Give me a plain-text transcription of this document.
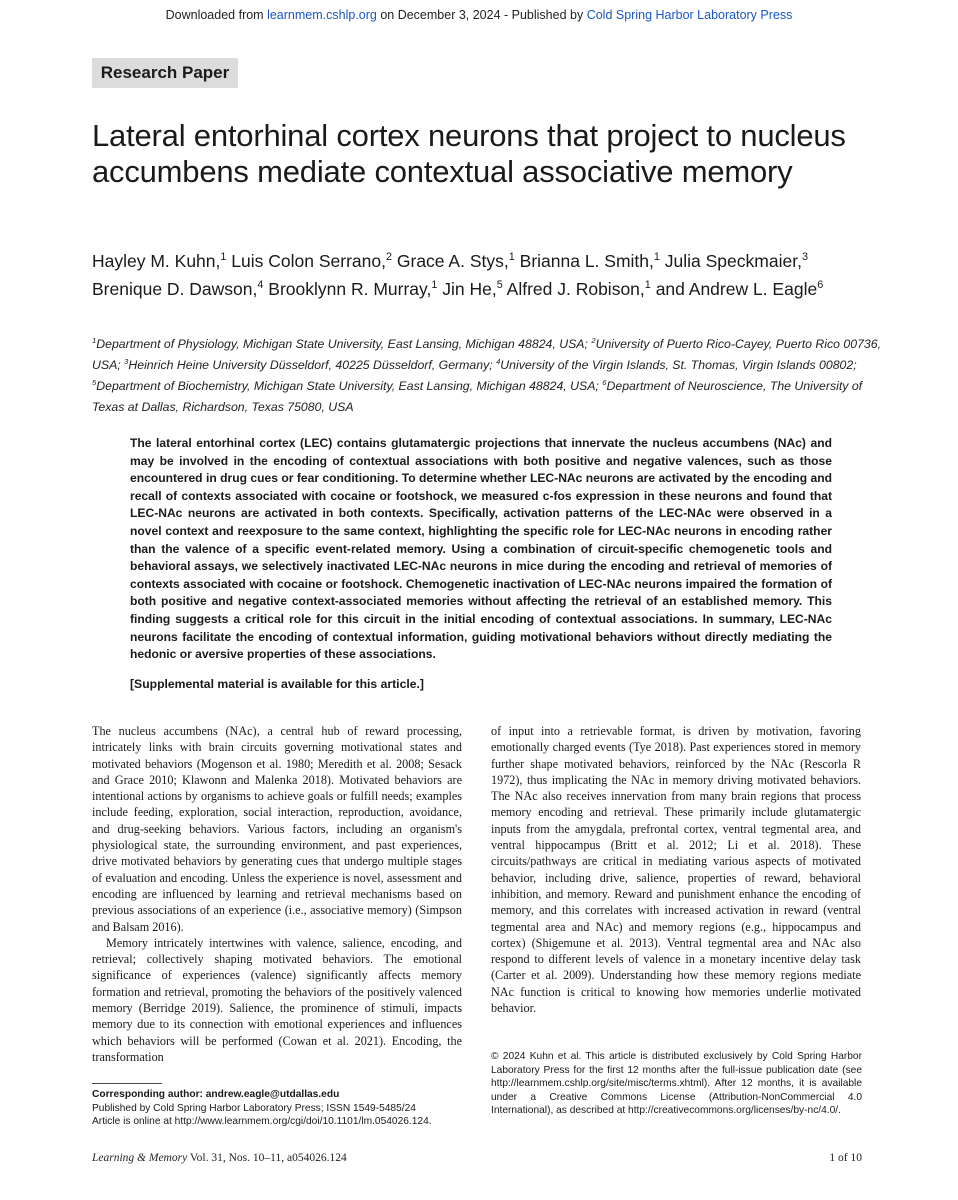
Downloaded from learnmem.cshlp.org on December 3, 2024 - Published by Cold Spring Harbor Laboratory Press
Research Paper
Lateral entorhinal cortex neurons that project to nucleus accumbens mediate contextual associative memory
Hayley M. Kuhn,$^1$ Luis Colon Serrano,$^2$ Grace A. Stys,$^1$ Brianna L. Smith,$^1$ Julia Speckmaier,$^3$ Brenique D. Dawson,$^4$ Brooklynn R. Murray,$^1$ Jin He,$^5$ Alfred J. Robison,$^1$ and Andrew L. Eagle$^6$
$^1$Department of Physiology, Michigan State University, East Lansing, Michigan 48824, USA; $^2$University of Puerto Rico-Cayey, Puerto Rico 00736, USA; $^3$Heinrich Heine University Düsseldorf, 40225 Düsseldorf, Germany; $^4$University of the Virgin Islands, St. Thomas, Virgin Islands 00802; $^5$Department of Biochemistry, Michigan State University, East Lansing, Michigan 48824, USA; $^6$Department of Neuroscience, The University of Texas at Dallas, Richardson, Texas 75080, USA

The lateral entorhinal cortex (LEC) contains glutamatergic projections that innervate the nucleus accumbens (NAc) and may be involved in the encoding of contextual associations with both positive and negative valences, such as those encountered in drug cues or fear conditioning. To determine whether LEC-NAc neurons are activated by the encoding and recall of contexts associated with cocaine or footshock, we measured c-fos expression in these neurons and found that LEC-NAc neurons are activated in both contexts. Specifically, activation patterns of the LEC-NAc were observed in a novel context and reexposure to the same context, highlighting the specific role for LEC-NAc neurons in encoding rather than the valence of a specific event-related memory. Using a combination of circuit-specific chemogenetic tools and behavioral assays, we selectively inactivated LEC-NAc neurons in mice during the encoding and retrieval of memories of contexts associated with cocaine or footshock. Chemogenetic inactivation of LEC-NAc neurons impaired the formation of both positive and negative context-associated memories without affecting the retrieval of an established memory. This finding suggests a critical role for this circuit in the initial encoding of contextual associations. In summary, LEC-NAc neurons facilitate the encoding of contextual information, guiding motivational behaviors without directly mediating the hedonic or aversive properties of these associations.

[Supplemental material is available for this article.]

The nucleus accumbens (NAc), a central hub of reward processing, intricately links with brain circuits governing motivational states and motivated behaviors (Mogenson et al. 1980; Meredith et al. 2008; Sesack and Grace 2010; Klawonn and Malenka 2018). Motivated behaviors are intentional actions by organisms to achieve goals or fulfill needs; examples include feeding, exploration, social interaction, reproduction, avoidance, and drug-seeking behaviors. Various factors, including an organism's physiological state, the surrounding environment, and past experiences, drive motivated behaviors by generating cues that undergo multiple stages of evaluation and encoding. Unless the experience is novel, assessment and encoding are influenced by learning and retrieval mechanisms based on previous associations of an experience (i.e., associative memory) (Simpson and Balsam 2016).

Memory intricately intertwines with valence, salience, encoding, and retrieval; collectively shaping motivated behaviors. The emotional significance of experiences (valence) significantly affects memory formation and retrieval, promoting the behaviors of the positively valenced memory (Berridge 2019). Salience, the prominence of stimuli, impacts memory due to its connection with emotional experiences and influences which behaviors will be performed (Cowan et al. 2021). Encoding, the transformation

of input into a retrievable format, is driven by motivation, favoring emotionally charged events (Tye 2018). Past experiences stored in memory further shape motivated behaviors, reinforced by the NAc (Rescorla R 1972), thus implicating the NAc in memory driving motivated behaviors. The NAc also receives innervation from many brain regions that process memory encoding and retrieval. These primarily include glutamatergic inputs from the amygdala, prefrontal cortex, ventral tegmental area, and ventral hippocampus (Britt et al. 2012; Li et al. 2018). These circuits/pathways are critical in mediating various aspects of motivated behavior, including drive, salience, properties of reward, behavioral inhibition, and memory. Reward and punishment enhance the encoding of memory, and this correlates with increased activation in reward (ventral tegmental area and NAc) and memory regions (e.g., hippocampus and cortex) (Shigemune et al. 2013). Ventral tegmental area and NAc also respond to different levels of valence in a monetary incentive delay task (Carter et al. 2009). Understanding how these memory regions mediate NAc function is critical to knowing how memories underlie motivated behavior.

Corresponding author: andrew.eagle@utdallas.edu
Published by Cold Spring Harbor Laboratory Press; ISSN 1549-5485/24
Article is online at http://www.learnmem.org/cgi/doi/10.1101/lm.054026.124.
© 2024 Kuhn et al. This article is distributed exclusively by Cold Spring Harbor Laboratory Press for the first 12 months after the full-issue publication date (see http://learnmem.cshlp.org/site/misc/terms.xhtml). After 12 months, it is available under a Creative Commons License (Attribution-NonCommercial 4.0 International), as described at http://creativecommons.org/licenses/by-nc/4.0/.
Learning & Memory Vol. 31, Nos. 10–11, a054026.124	1 of 10
